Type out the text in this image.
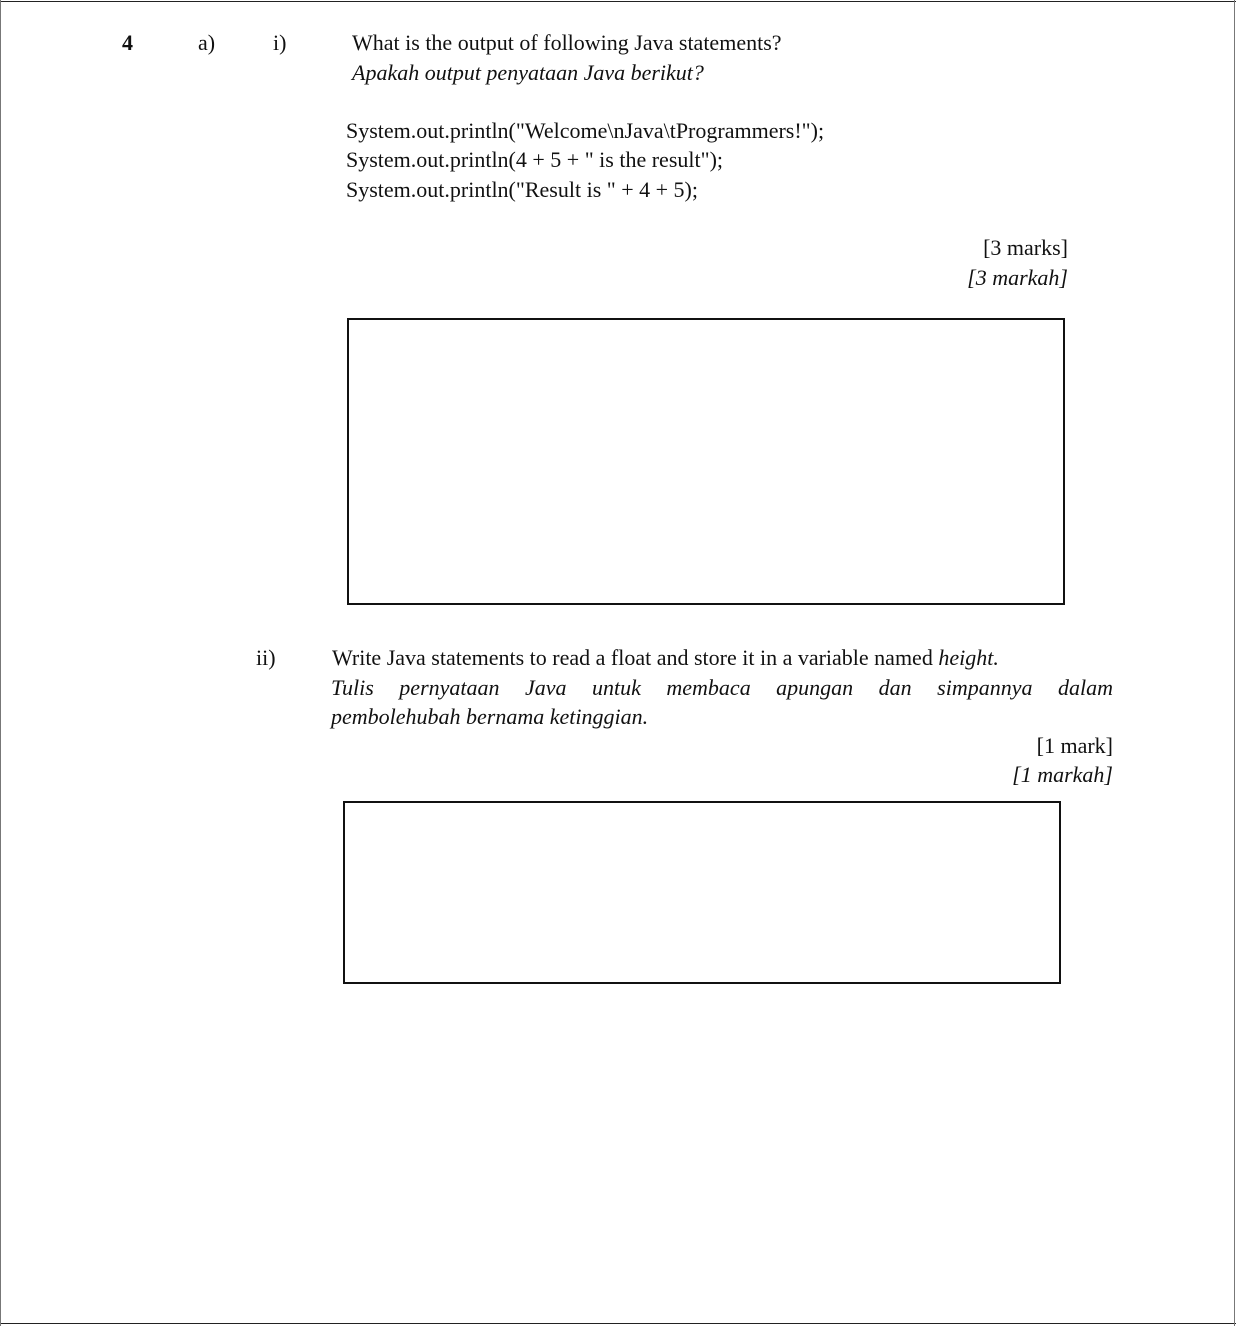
4	a)	i)	What is the output of following Java statements?
Apakah output penyataan Java berikut?
System.out.println("Welcome\nJava\tProgrammers!");
System.out.println(4 + 5 + " is the result");
System.out.println("Result is " + 4 + 5);
[3 marks]
[3 markah]
ii)	Write Java statements to read a float and store it in a variable named height.
Tulis pernyataan Java untuk membaca apungan dan simpannya dalam
pembolehubah bernama ketinggian.
[1 mark]
[1 markah]
